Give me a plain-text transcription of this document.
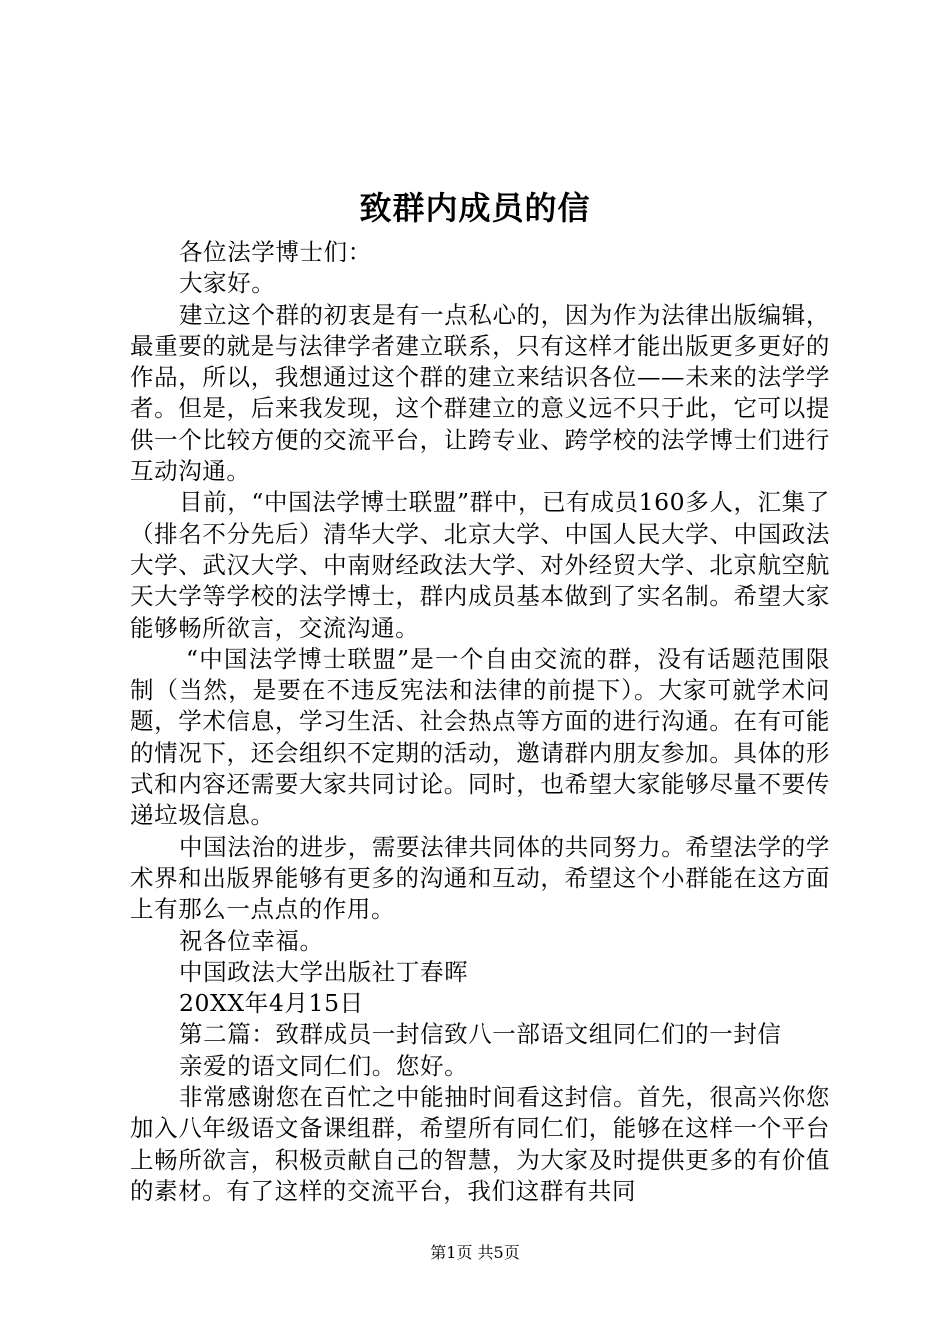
致群内成员的信

各位法学博士们：

大家好。

建立这个群的初衷是有一点私心的，因为作为法律出版编辑，最重要的就是与法律学者建立联系，只有这样才能出版更多更好的作品，所以，我想通过这个群的建立来结识各位——未来的法学学者。但是，后来我发现，这个群建立的意义远不只于此，它可以提供一个比较方便的交流平台，让跨专业、跨学校的法学博士们进行互动沟通。

目前，“中国法学博士联盟”群中，已有成员160多人，汇集了（排名不分先后）清华大学、北京大学、中国人民大学、中国政法大学、武汉大学、中南财经政法大学、对外经贸大学、北京航空航天大学等学校的法学博士，群内成员基本做到了实名制。希望大家能够畅所欲言，交流沟通。

“中国法学博士联盟”是一个自由交流的群，没有话题范围限制（当然，是要在不违反宪法和法律的前提下）。大家可就学术问题，学术信息，学习生活、社会热点等方面的进行沟通。在有可能的情况下，还会组织不定期的活动，邀请群内朋友参加。具体的形式和内容还需要大家共同讨论。同时，也希望大家能够尽量不要传递垃圾信息。

中国法治的进步，需要法律共同体的共同努力。希望法学的学术界和出版界能够有更多的沟通和互动，希望这个小群能在这方面上有那么一点点的作用。

祝各位幸福。

中国政法大学出版社丁春晖

20XX年4月15日

第二篇：致群成员一封信致八一部语文组同仁们的一封信

亲爱的语文同仁们。您好。

非常感谢您在百忙之中能抽时间看这封信。首先，很高兴你您加入八年级语文备课组群，希望所有同仁们，能够在这样一个平台上畅所欲言，积极贡献自己的智慧，为大家及时提供更多的有价值的素材。有了这样的交流平台，我们这群有共同

第1页 共5页
